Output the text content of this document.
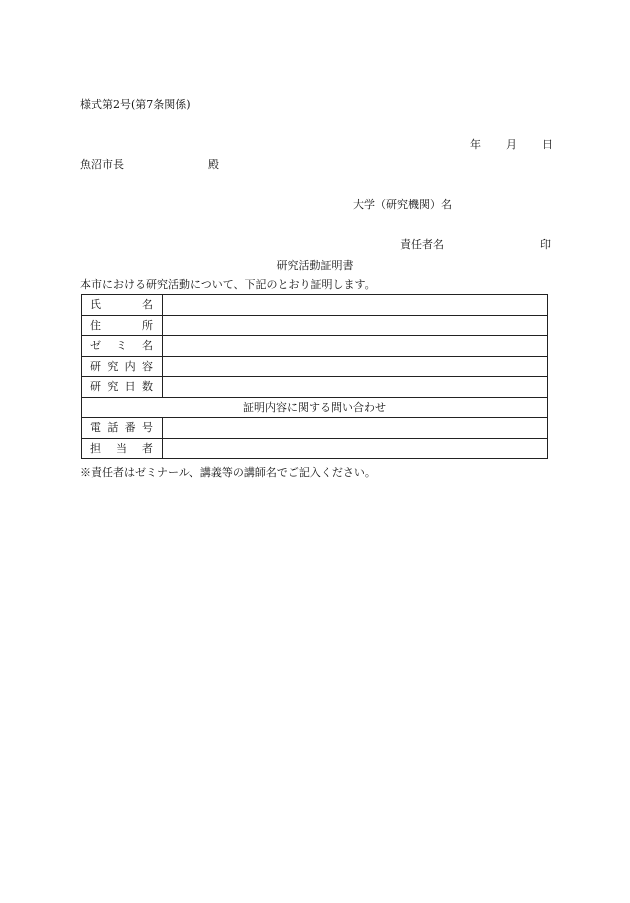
様式第2号(第7条関係)
年 月 日
魚沼市長	殿
大学（研究機関）名
責任者名	印
研究活動証明書
本市における研究活動について、下記のとおり証明します。
氏 名	

住 所	

ゼ ミ 名	

研 究 内 容	

研 究 日 数	

証明内容に関する問い合わせ	

電 話 番 号	

担 当 者	

※責任者はゼミナール、講義等の講師名でご記入ください。
